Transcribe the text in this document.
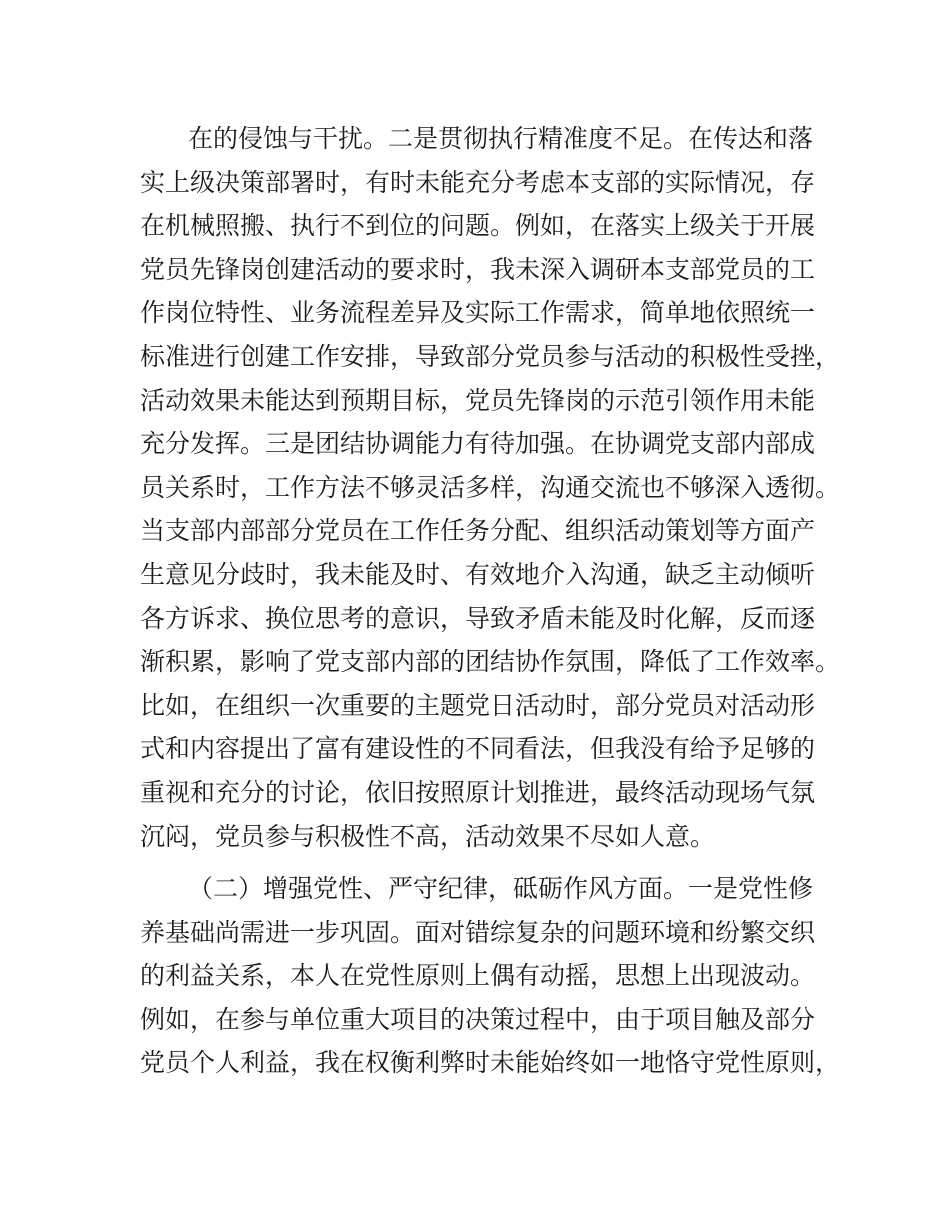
在的侵蚀与干扰。二是贯彻执行精准度不足。在传达和落
实上级决策部署时，有时未能充分考虑本支部的实际情况，存
在机械照搬、执行不到位的问题。例如，在落实上级关于开展
党员先锋岗创建活动的要求时，我未深入调研本支部党员的工
作岗位特性、业务流程差异及实际工作需求，简单地依照统一
标准进行创建工作安排，导致部分党员参与活动的积极性受挫，
活动效果未能达到预期目标，党员先锋岗的示范引领作用未能
充分发挥。三是团结协调能力有待加强。在协调党支部内部成
员关系时，工作方法不够灵活多样，沟通交流也不够深入透彻。
当支部内部部分党员在工作任务分配、组织活动策划等方面产
生意见分歧时，我未能及时、有效地介入沟通，缺乏主动倾听
各方诉求、换位思考的意识，导致矛盾未能及时化解，反而逐
渐积累，影响了党支部内部的团结协作氛围，降低了工作效率。
比如，在组织一次重要的主题党日活动时，部分党员对活动形
式和内容提出了富有建设性的不同看法，但我没有给予足够的
重视和充分的讨论，依旧按照原计划推进，最终活动现场气氛
沉闷，党员参与积极性不高，活动效果不尽如人意。
（二）增强党性、严守纪律，砥砺作风方面。一是党性修
养基础尚需进一步巩固。面对错综复杂的问题环境和纷繁交织
的利益关系，本人在党性原则上偶有动摇，思想上出现波动。
例如，在参与单位重大项目的决策过程中，由于项目触及部分
党员个人利益，我在权衡利弊时未能始终如一地恪守党性原则，
